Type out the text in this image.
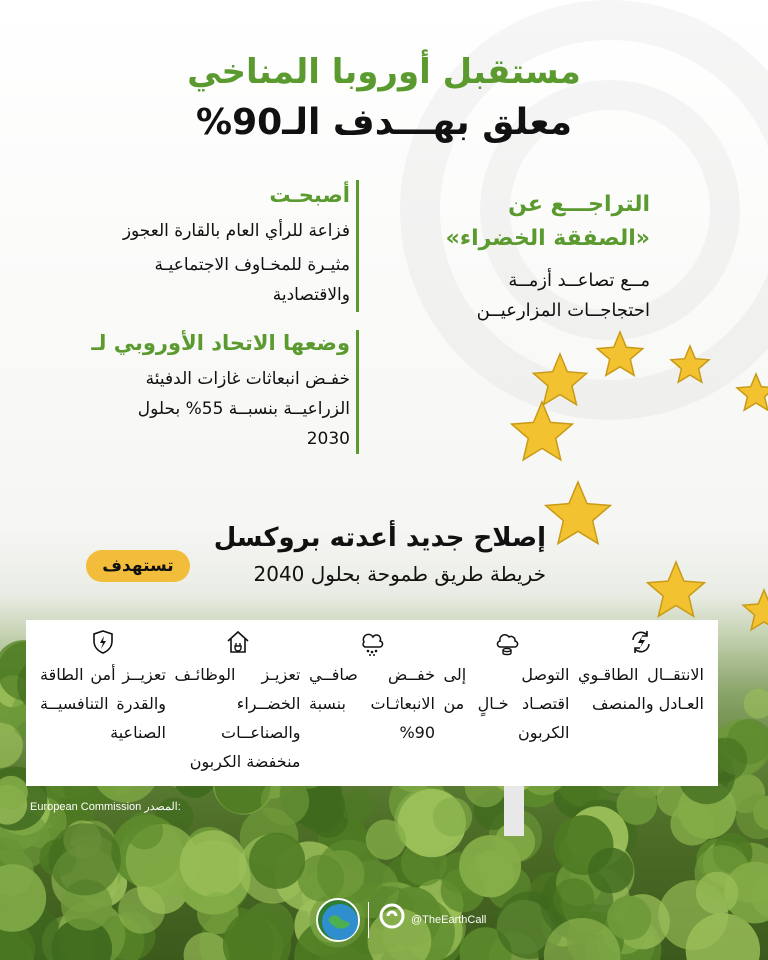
مستقبل أوروبا المناخي
معلق بهـــدف الـ90%
التراجـــع عن
«الصفقة الخضراء»
مــع تصاعــد أزمــة
احتجاجــات المزارعيــن
أصبحـت
فزاعة للرأي العام بالقارة العجوز
مثيـرة للمخـاوف الاجتماعيـة
والاقتصادية
وضعها الاتحاد الأوروبي لـ
خفـض انبعاثات غازات الدفيئة
الزراعيــة بنسبــة 55% بحلول
2030
إصلاح جديد أعدته بروكسل
خريطة طريق طموحة بحلول 2040
تستهدف
الانتقــال الطاقـوي العـادل والمنصف
التوصل إلى اقتصـاد خـالٍ من الكربون
خفــض صافــي الانبعاثـات بنسبة 90%
تعزيـز الوظائـف الخضــراء والصناعــات منخفضة الكربون
تعزيــز أمن الطاقة والقدرة التنافسيــة الصناعية
European Commission المصدر:
@TheEarthCall
